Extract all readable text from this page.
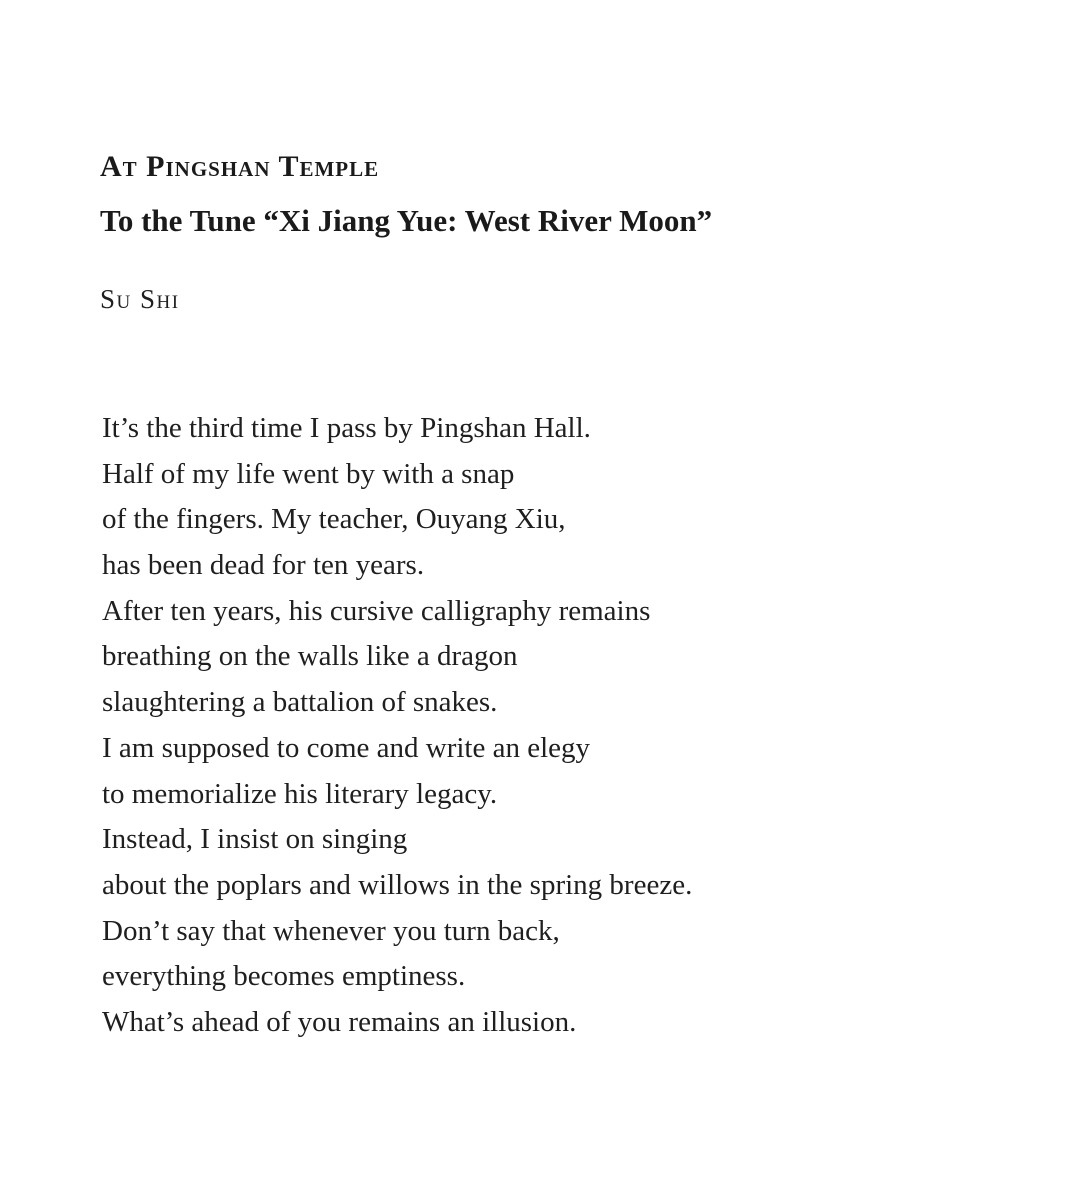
At Pingshan Temple
To the Tune “Xi Jiang Yue: West River Moon”

Su Shi

It’s the third time I pass by Pingshan Hall.
Half of my life went by with a snap
of the fingers. My teacher, Ouyang Xiu,
has been dead for ten years.
After ten years, his cursive calligraphy remains
breathing on the walls like a dragon
slaughtering a battalion of snakes.
I am supposed to come and write an elegy
to memorialize his literary legacy.
Instead, I insist on singing
about the poplars and willows in the spring breeze.
Don’t say that whenever you turn back,
everything becomes emptiness.
What’s ahead of you remains an illusion.
